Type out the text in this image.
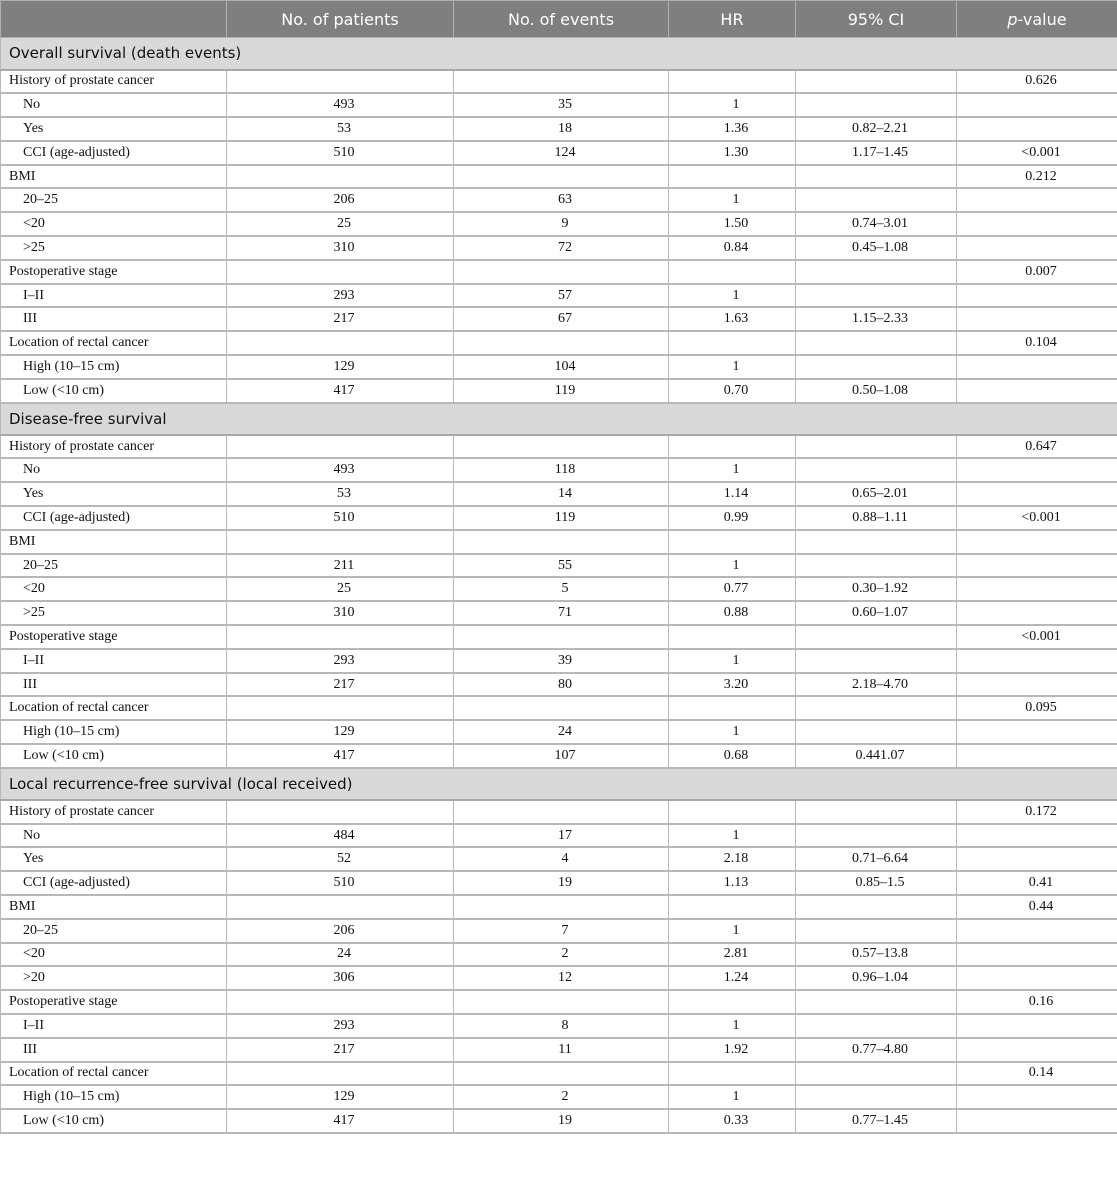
	No. of patients	No. of events	HR	95% CI	p-value
Overall survival (death events)					
History of prostate cancer					0.626
No	493	35	1		
Yes	53	18	1.36	0.82–2.21	
CCI (age-adjusted)	510	124	1.30	1.17–1.45	<0.001
BMI					0.212
20–25	206	63	1		
<20	25	9	1.50	0.74–3.01	
>25	310	72	0.84	0.45–1.08	
Postoperative stage					0.007
I–II	293	57	1		
III	217	67	1.63	1.15–2.33	
Location of rectal cancer					0.104
High (10–15 cm)	129	104	1		
Low (<10 cm)	417	119	0.70	0.50–1.08	
Disease-free survival					
History of prostate cancer					0.647
No	493	118	1		
Yes	53	14	1.14	0.65–2.01	
CCI (age-adjusted)	510	119	0.99	0.88–1.11	<0.001
BMI					
20–25	211	55	1		
<20	25	5	0.77	0.30–1.92	
>25	310	71	0.88	0.60–1.07	
Postoperative stage					<0.001
I–II	293	39	1		
III	217	80	3.20	2.18–4.70	
Location of rectal cancer					0.095
High (10–15 cm)	129	24	1		
Low (<10 cm)	417	107	0.68	0.441.07	
Local recurrence-free survival (local received)					
History of prostate cancer					0.172
No	484	17	1		
Yes	52	4	2.18	0.71–6.64	
CCI (age-adjusted)	510	19	1.13	0.85–1.5	0.41
BMI					0.44
20–25	206	7	1		
<20	24	2	2.81	0.57–13.8	
>20	306	12	1.24	0.96–1.04	
Postoperative stage					0.16
I–II	293	8	1		
III	217	11	1.92	0.77–4.80	
Location of rectal cancer					0.14
High (10–15 cm)	129	2	1		
Low (<10 cm)	417	19	0.33	0.77–1.45	
